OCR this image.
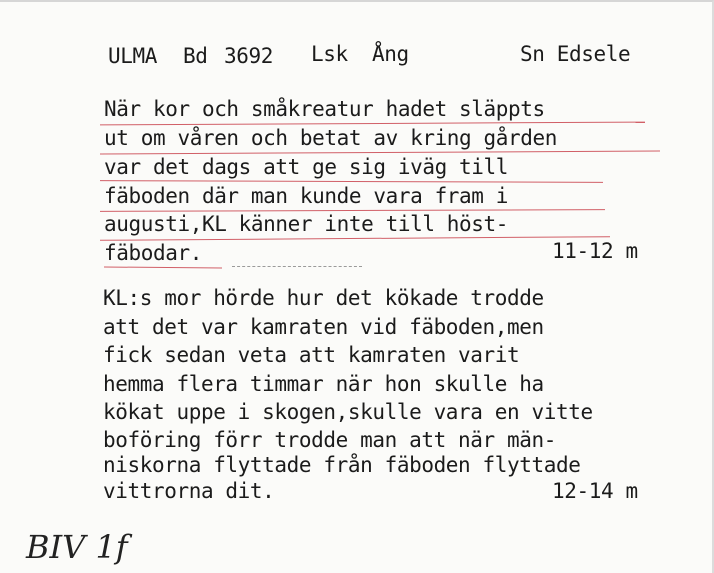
ULMA Bd 3692 Lsk Ång	Sn Edsele
När kor och småkreatur hadet släppts
ut om våren och betat av kring gården
var det dags att ge sig iväg till
fäboden där man kunde vara fram i
augusti,KL känner inte till höst-
fäbodar.	11-12 m
KL:s mor hörde hur det kökade trodde
att det var kamraten vid fäboden,men
fick sedan veta att kamraten varit
hemma flera timmar när hon skulle ha
kökat uppe i skogen,skulle vara en vitte
boföring förr trodde man att när män-
niskorna flyttade från fäboden flyttade
vittrorna dit.	12-14 m
BIV 1f
